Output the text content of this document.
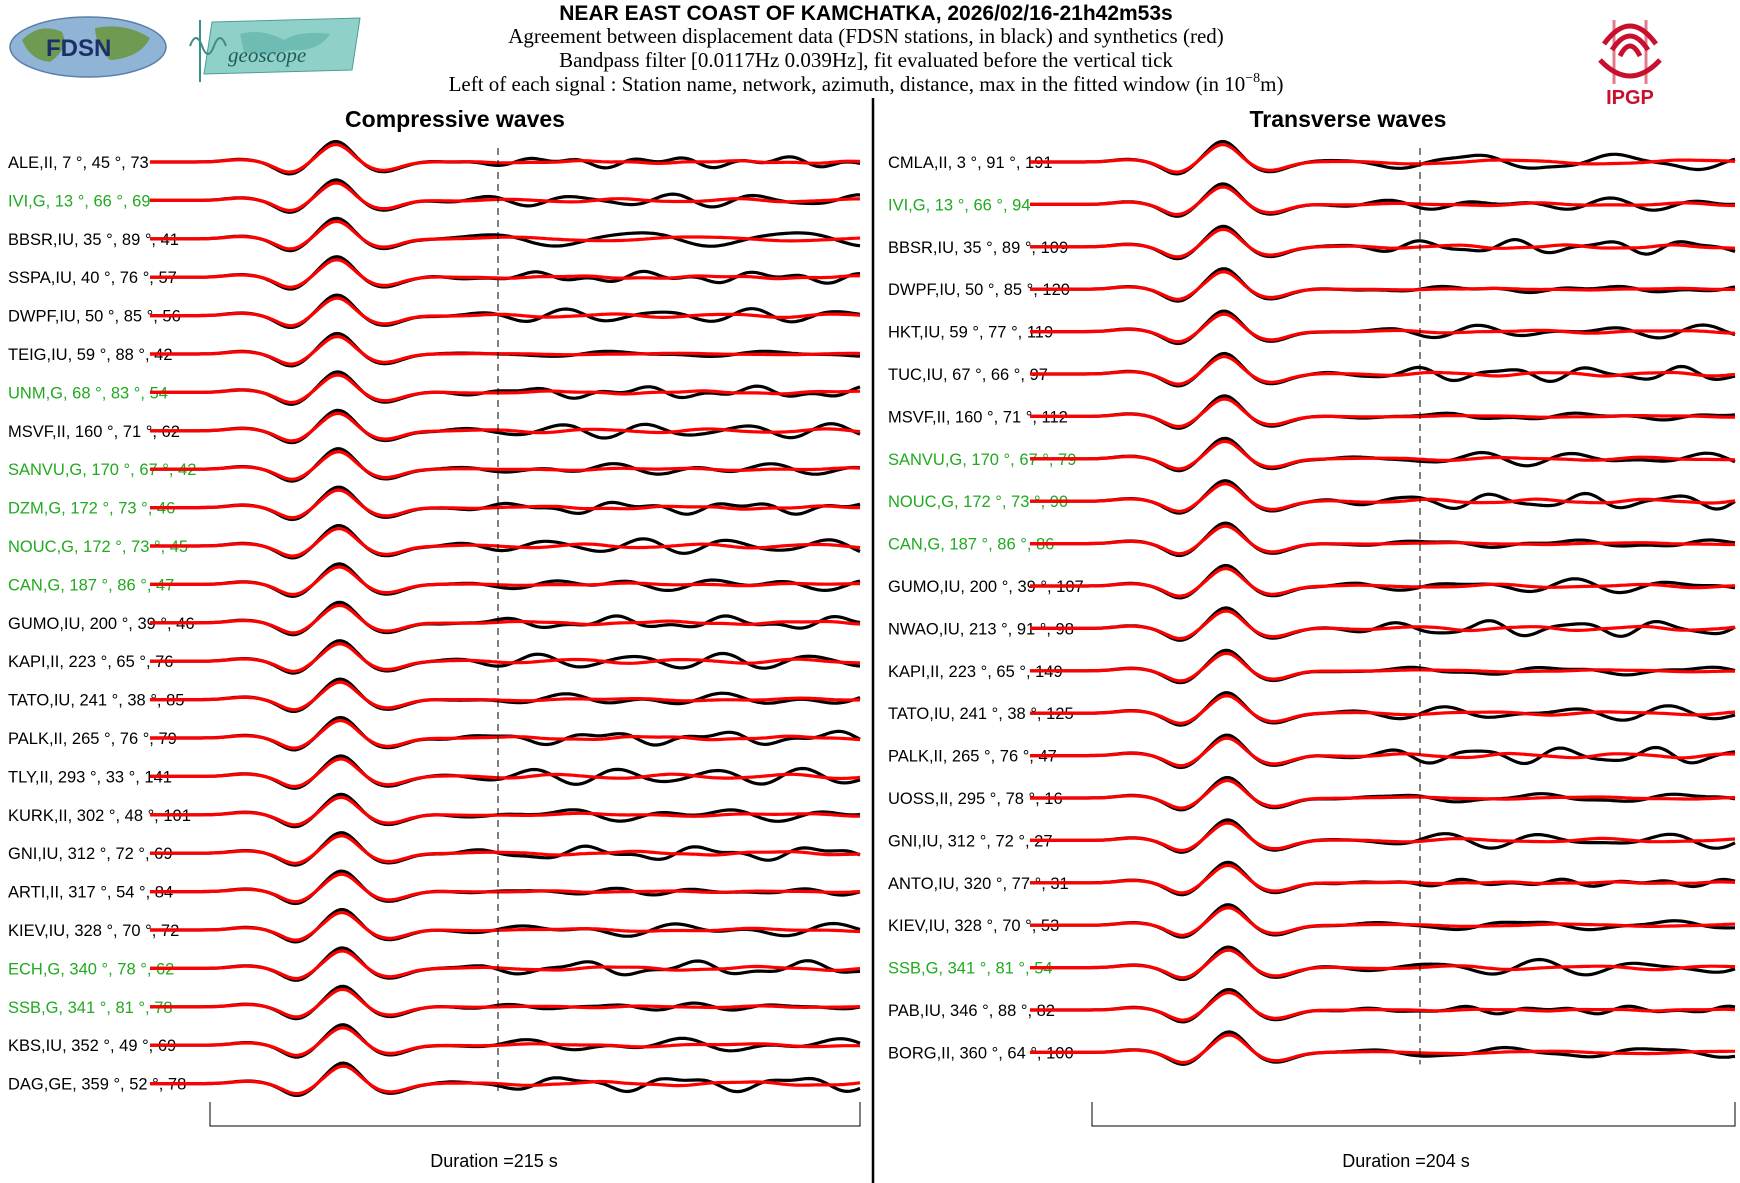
FDSN	geoscope
IPGP
NEAR EAST COAST OF KAMCHATKA, 2026/02/16-21h42m53s
Agreement between displacement data (FDSN stations, in black) and synthetics (red)
Bandpass filter [0.0117Hz 0.039Hz], fit evaluated before the vertical tick
Left of each signal : Station name, network, azimuth, distance, max in the fitted window (in $10^{-8}m$)
Compressive waves
ALE,II, 7 °, 45 °, 73
IVI,G, 13 °, 66 °, 69
BBSR,IU, 35 °, 89 °, 41
SSPA,IU, 40 °, 76 °, 57
DWPF,IU, 50 °, 85 °, 56
TEIG,IU, 59 °, 88 °, 42
UNM,G, 68 °, 83 °, 54
MSVF,II, 160 °, 71 °, 62
SANVU,G, 170 °, 67 °, 42
DZM,G, 172 °, 73 °, 46
NOUC,G, 172 °, 73 °, 45
CAN,G, 187 °, 86 °, 47
GUMO,IU, 200 °, 39 °, 46
KAPI,II, 223 °, 65 °, 76
TATO,IU, 241 °, 38 °, 85
PALK,II, 265 °, 76 °, 79
TLY,II, 293 °, 33 °, 141
KURK,II, 302 °, 48 °, 101
GNI,IU, 312 °, 72 °, 69
ARTI,II, 317 °, 54 °, 84
KIEV,IU, 328 °, 70 °, 72
ECH,G, 340 °, 78 °, 62
SSB,G, 341 °, 81 °, 78
KBS,IU, 352 °, 49 °, 69
DAG,GE, 359 °, 52 °, 78
Duration =215 s
Transverse waves
CMLA,II, 3 °, 91 °, 191
IVI,G, 13 °, 66 °, 94
BBSR,IU, 35 °, 89 °, 109
DWPF,IU, 50 °, 85 °, 120
HKT,IU, 59 °, 77 °, 119
TUC,IU, 67 °, 66 °, 97
MSVF,II, 160 °, 71 °, 112
SANVU,G, 170 °, 67 °, 79
NOUC,G, 172 °, 73 °, 90
CAN,G, 187 °, 86 °, 86
GUMO,IU, 200 °, 39 °, 107
NWAO,IU, 213 °, 91 °, 98
KAPI,II, 223 °, 65 °, 149
TATO,IU, 241 °, 38 °, 125
PALK,II, 265 °, 76 °, 47
UOSS,II, 295 °, 78 °, 16
GNI,IU, 312 °, 72 °, 27
ANTO,IU, 320 °, 77 °, 31
KIEV,IU, 328 °, 70 °, 53
SSB,G, 341 °, 81 °, 54
PAB,IU, 346 °, 88 °, 82
BORG,II, 360 °, 64 °, 100
Duration =204 s
